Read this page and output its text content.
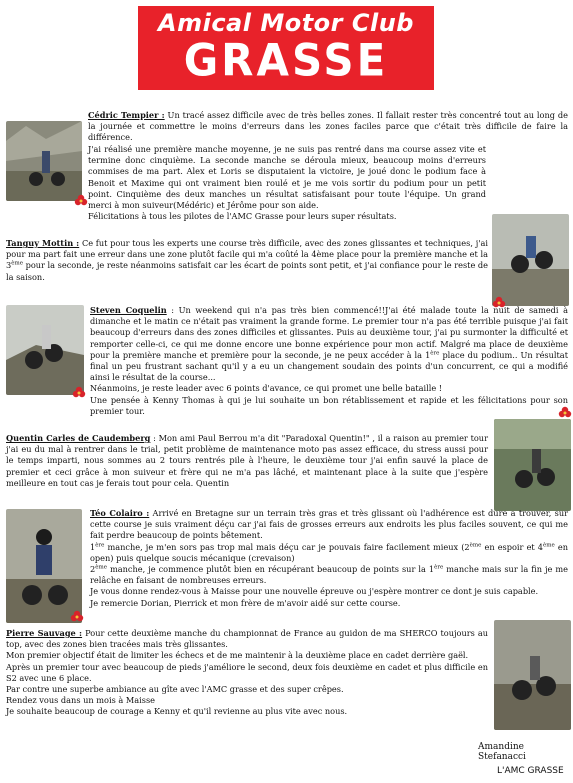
Amical Motor Club
GRASSE
Cédric Tempier : Un tracé assez difficile avec de très belles zones. Il fallait rester très concentré tout au long de la journée et commettre le moins d'erreurs dans les zones faciles parce que c'était très difficile de faire la différence.
J'ai réalisé une première manche moyenne, je ne suis pas rentré dans ma course assez vite et termine donc cinquième. La seconde manche se déroula mieux, beaucoup moins d'erreurs commises de ma part. Alex et Loris se disputaient la victoire, je joué donc le podium face à Benoit et Maxime qui ont vraiment bien roulé et je me vois sortir du podium pour un petit point. Cinquième des deux manches un résultat satisfaisant pour toute l'équipe. Un grand merci à mon suiveur(Médéric) et Jérôme pour son aide.
Félicitations à tous les pilotes de l'AMC Grasse pour leurs super résultats.
Tanguy Mottin : Ce fut pour tous les experts une course très difficile, avec des zones glissantes et techniques, j'ai pour ma part fait une erreur dans une zone plutôt facile qui m'a coûté la 4ème place pour la première manche et la 3ème pour la seconde, je reste néanmoins satisfait car les écart de points sont petit, et j'ai confiance pour le reste de la saison.
Steven Coquelin : Un weekend qui n'a pas très bien commencé!!J'ai été malade toute la nuit de samedi à dimanche et le matin ce n'était pas vraiment la grande forme. Le premier tour n'a pas été terrible puisque j'ai fait beaucoup d'erreurs dans des zones difficiles et glissantes. Puis au deuxième tour, j'ai pu surmonter la difficulté et remporter celle-ci, ce qui me donne encore une bonne expérience pour mon actif. Malgré ma place de deuxième pour la première manche et première pour la seconde, je ne peux accéder à la 1ère place du podium.. Un résultat final un peu frustrant sachant qu'il y a eu un changement soudain des points d'un concurrent, ce qui a modifié ainsi le résultat de la course...
Néanmoins, je reste leader avec 6 points d'avance, ce qui promet une belle bataille !
Une pensée à Kenny Thomas à qui je lui souhaite un bon rétablissement et rapide et les félicitations pour son premier tour.
Quentin Carles de Caudemberg : Mon ami Paul Berrou m'a dit "Paradoxal Quentin!" , il a raison au premier tour j'ai eu du mal à rentrer dans le trial, petit problème de maintenance moto pas assez efficace, du stress aussi pour le temps imparti, nous sommes au 2 tours rentrés pile à l'heure, le deuxième tour j'ai enfin sauvé la place de premier et ceci grâce à mon suiveur et frère qui ne m'a pas lâché, et maintenant place à la suite que j'espère meilleure en tout cas je ferais tout pour cela. Quentin
Téo Colairo : Arrivé en Bretagne sur un terrain très gras et très glissant où l'adhérence est dure a trouver, sur cette course je suis vraiment déçu car j'ai fais de grosses erreurs aux endroits les plus faciles souvent, ce qui me fait perdre beaucoup de points bêtement.
1ère manche, je m'en sors pas trop mal mais déçu car je pouvais faire facilement mieux (2ème en espoir et 4ème en open) puis quelque soucis mécanique (crevaison)
2ème manche, je commence plutôt bien en récupérant beaucoup de points sur la 1ère manche mais sur la fin je me relâche en faisant de nombreuses erreurs.
Je vous donne rendez-vous à Maisse pour une nouvelle épreuve ou j'espère montrer ce dont je suis capable.
Je remercie Dorian, Pierrick et mon frère de m'avoir aidé sur cette course.
Pierre Sauvage : Pour cette deuxième manche du championnat de France au guidon de ma SHERCO toujours au top, avec des zones bien tracées mais très glissantes.
Mon premier objectif était de limiter les échecs et de me maintenir à la deuxième place en cadet derrière gaël.
Après un premier tour avec beaucoup de pieds j'améliore le second, deux fois deuxième en cadet et plus difficile en S2 avec une 6 place.
Par contre une superbe ambiance au gîte avec l'AMC grasse et des super crêpes.
Rendez vous dans un mois à Maisse
Je souhaite beaucoup de courage a Kenny et qu'il revienne au plus vite avec nous.
Amandine Stefanacci
L'AMC GRASSE
